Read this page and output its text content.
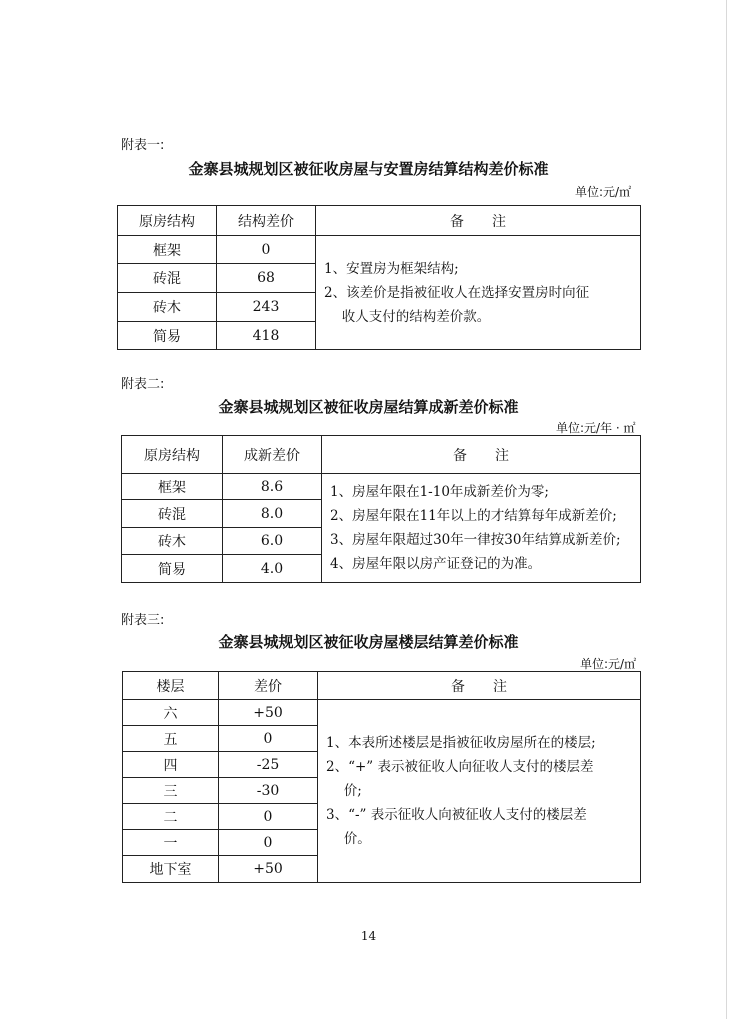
附表一:
金寨县城规划区被征收房屋与安置房结算结构差价标准
单位:元/㎡
原房结构	结构差价	备　　注
框架	0	1、安置房为框架结构;
2、该差价是指被征收人在选择安置房时向征
　 收人支付的结构差价款。

砖混	68	
砖木	243	
简易	418	
附表二:
金寨县城规划区被征收房屋结算成新差价标准
单位:元/年 · ㎡
原房结构	成新差价	备　　注
框架	8.6	1、房屋年限在1-10年成新差价为零;
2、房屋年限在11年以上的才结算每年成新差价;
3、房屋年限超过30年一律按30年结算成新差价;
4、房屋年限以房产证登记的为准。

砖混	8.0	
砖木	6.0	
简易	4.0	
附表三:
金寨县城规划区被征收房屋楼层结算差价标准
单位:元/㎡
楼层	差价	备　　注
六	+50	1、本表所述楼层是指被征收房屋所在的楼层;
2、“+” 表示被征收人向征收人支付的楼层差
　 价;
3、“-” 表示征收人向被征收人支付的楼层差
　 价。

五	0	
四	-25	
三	-30	
二	0	
一	0	
地下室	+50	
14
